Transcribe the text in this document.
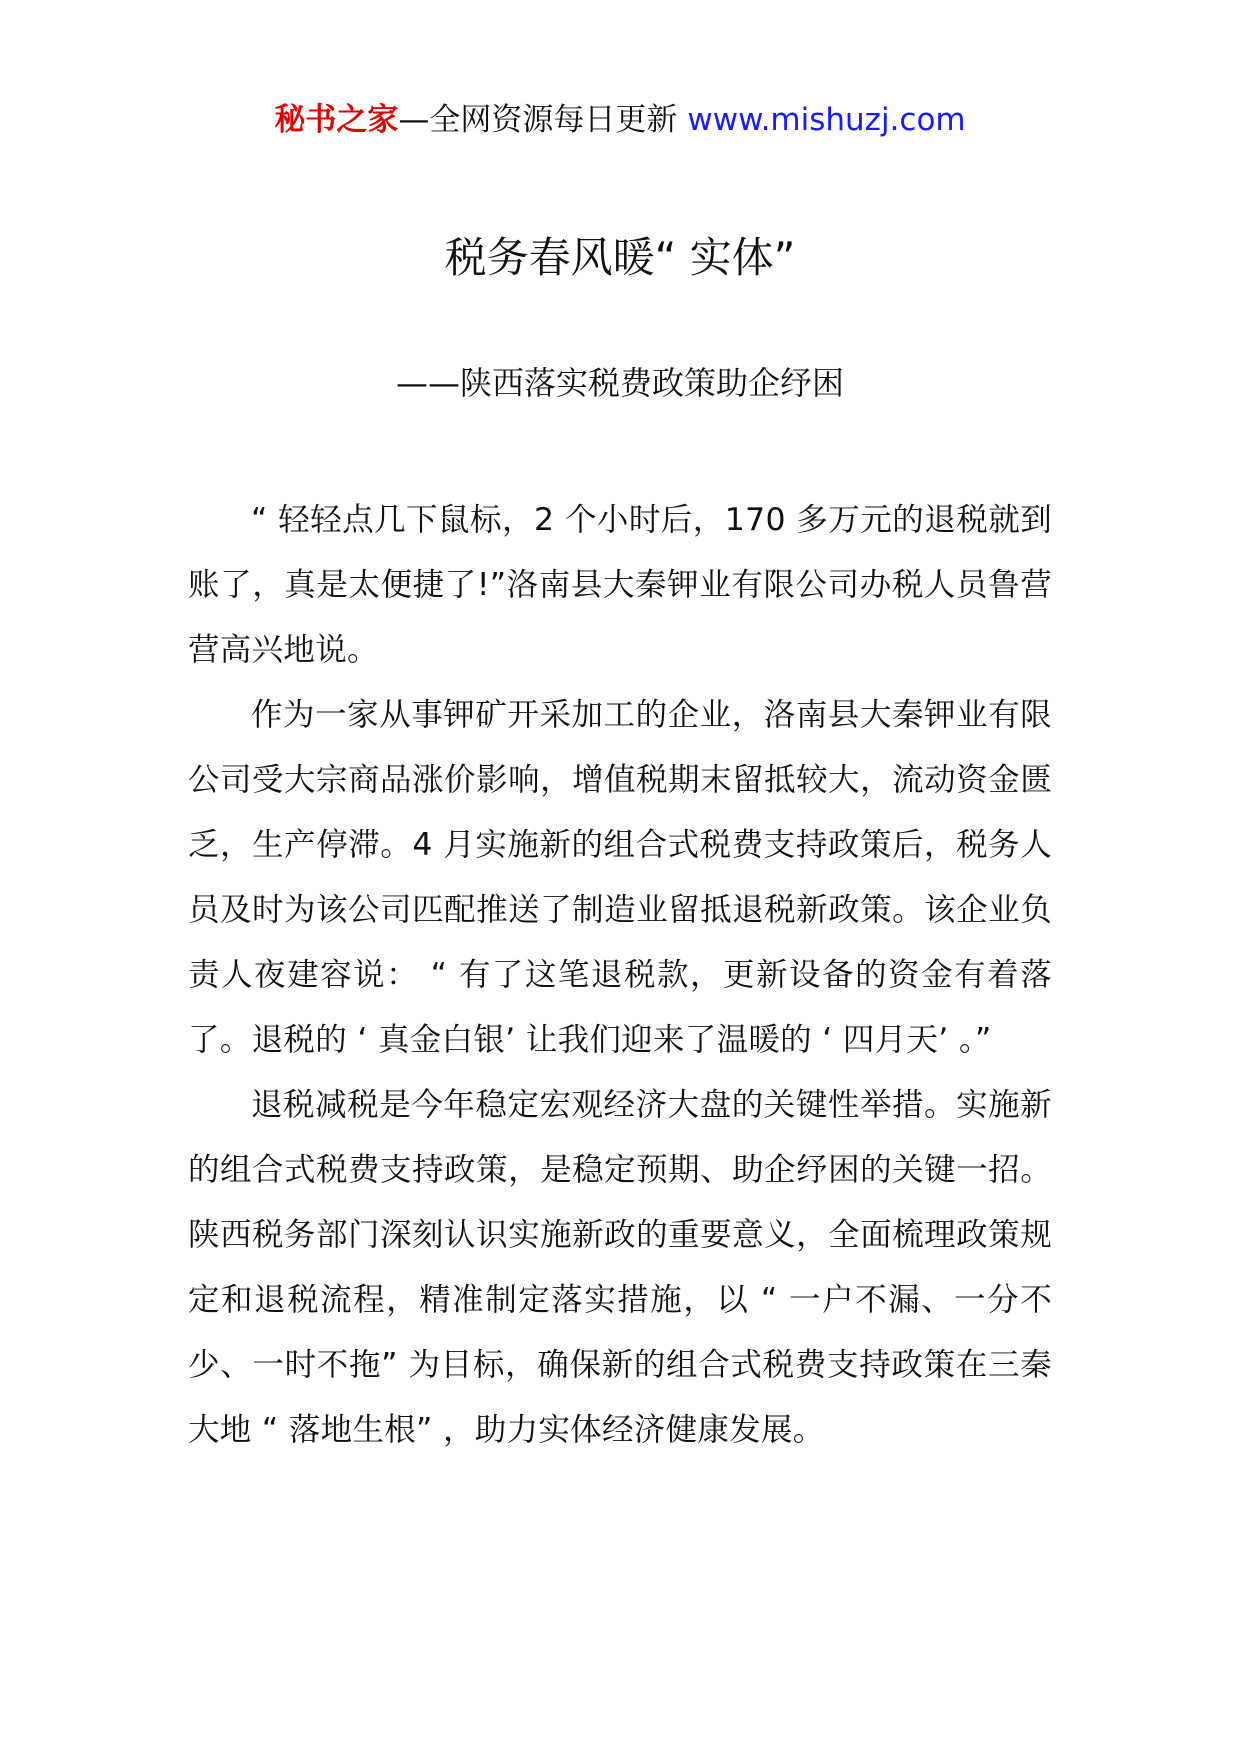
秘书之家—全网资源每日更新 www.mishuzj.com
税务春风暖“ 实体”
——陕西落实税费政策助企纾困

“ 轻轻点几下鼠标，2 个小时后，170 多万元的退税就到账了，真是太便捷了!”洛南县大秦钾业有限公司办税人员鲁营营高兴地说。

作为一家从事钾矿开采加工的企业，洛南县大秦钾业有限公司受大宗商品涨价影响，增值税期末留抵较大，流动资金匮乏，生产停滞。4 月实施新的组合式税费支持政策后，税务人员及时为该公司匹配推送了制造业留抵退税新政策。该企业负责人夜建容说： “ 有了这笔退税款，更新设备的资金有着落了。退税的 ‘ 真金白银’ 让我们迎来了温暖的 ‘ 四月天’ 。”

退税减税是今年稳定宏观经济大盘的关键性举措。实施新的组合式税费支持政策，是稳定预期、助企纾困的关键一招。陕西税务部门深刻认识实施新政的重要意义，全面梳理政策规定和退税流程，精准制定落实措施，以 “ 一户不漏、一分不少、一时不拖” 为目标，确保新的组合式税费支持政策在三秦大地 “ 落地生根” ，助力实体经济健康发展。
